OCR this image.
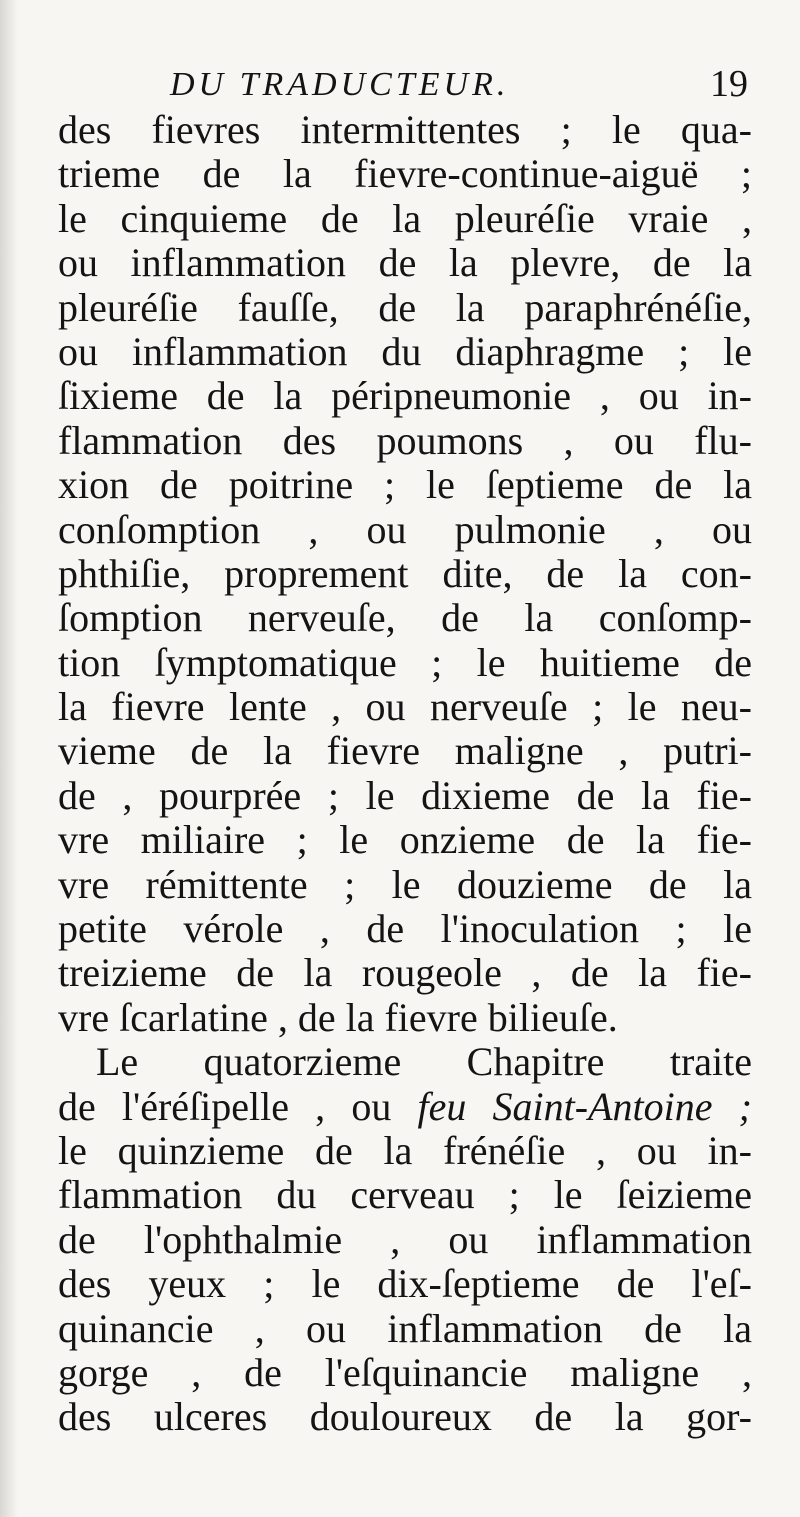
DU TRADUCTEUR.	19
des fievres intermittentes ; le qua-
trieme de la fievre-continue-aiguë ;
le cinquieme de la pleuréſie vraie ,
ou inflammation de la plevre, de la
pleuréſie fauſſe, de la paraphrénéſie,
ou inflammation du diaphragme ; le
ſixieme de la péripneumonie , ou in-
flammation des poumons , ou flu-
xion de poitrine ; le ſeptieme de la
conſomption , ou pulmonie , ou
phthiſie, proprement dite, de la con-
ſomption nerveuſe, de la conſomp-
tion ſymptomatique ; le huitieme de
la fievre lente , ou nerveuſe ; le neu-
vieme de la fievre maligne , putri-
de , pourprée ; le dixieme de la fie-
vre miliaire ; le onzieme de la fie-
vre rémittente ; le douzieme de la
petite vérole , de l'inoculation ; le
treizieme de la rougeole , de la fie-
vre ſcarlatine , de la fievre bilieuſe.
Le quatorzieme Chapitre traite
de l'éréſipelle , ou feu Saint-Antoine ;
le quinzieme de la frénéſie , ou in-
flammation du cerveau ; le ſeizieme
de l'ophthalmie , ou inflammation
des yeux ; le dix-ſeptieme de l'eſ-
quinancie , ou inflammation de la
gorge , de l'eſquinancie maligne ,
des ulceres douloureux de la gor-
